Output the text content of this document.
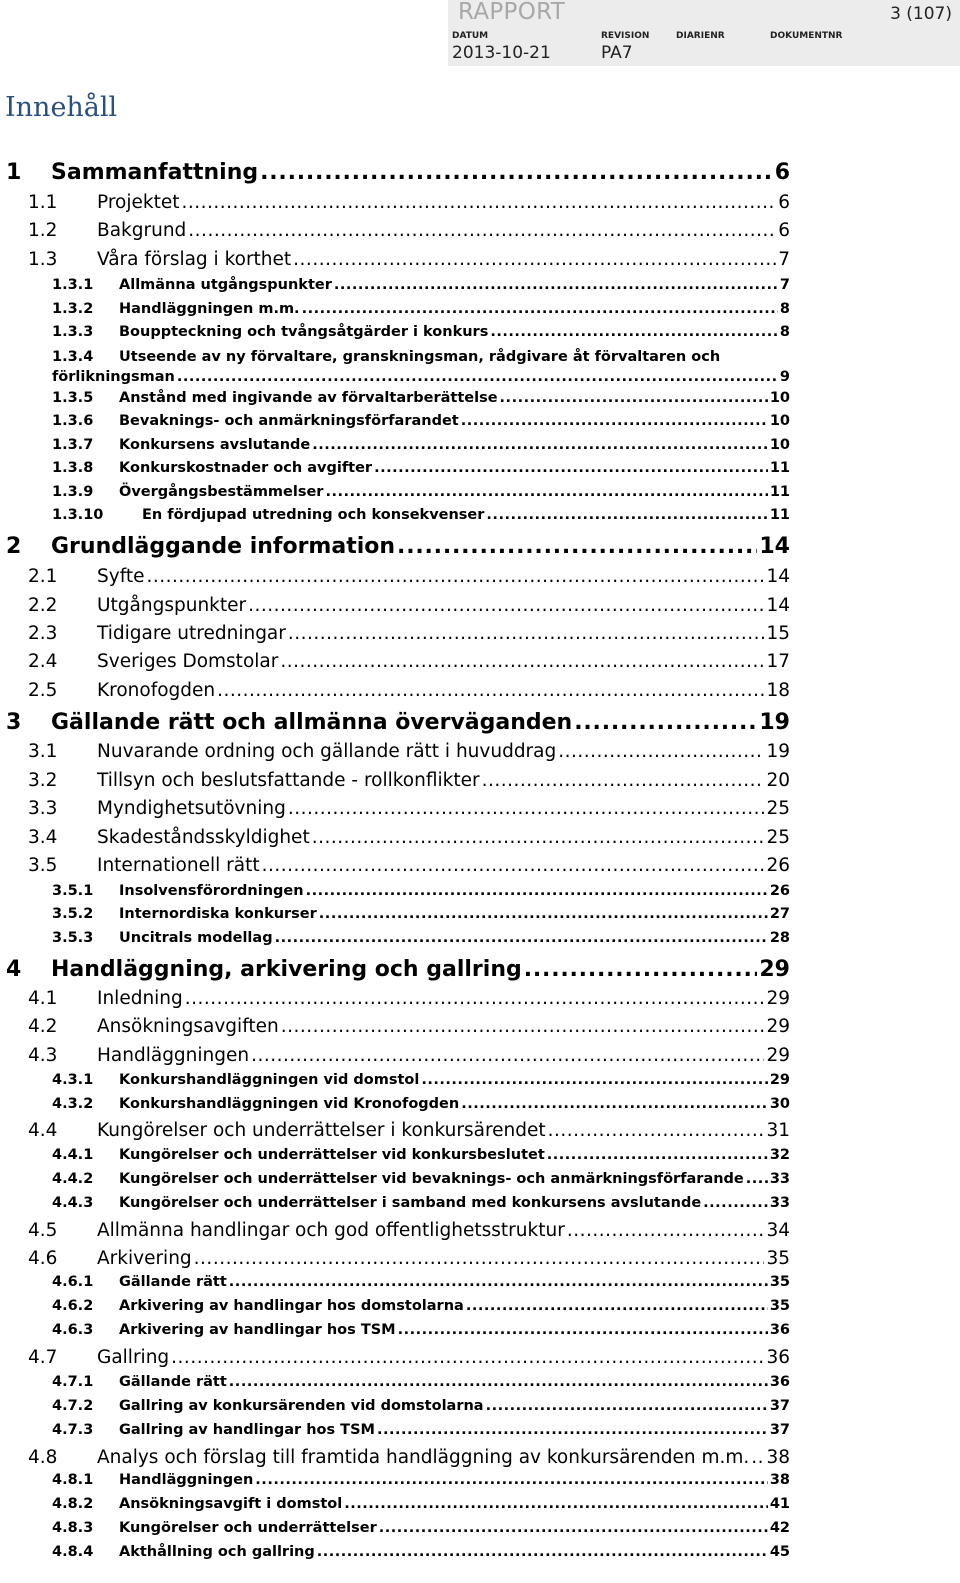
RAPPORT	3 (107)
DATUM	REVISION	DIARIENR	DOKUMENTNR
2013-10-21	PA7
Innehåll
1	Sammanfattning .....	6
1.1	Projektet .....	6
1.2	Bakgrund .....	6
1.3	Våra förslag i korthet .....	7
1.3.1	Allmänna utgångspunkter .....	7
1.3.2	Handläggningen m.m. .....	8
1.3.3	Bouppteckning och tvångsåtgärder i konkurs .....	8
1.3.4	Utseende av ny förvaltare, granskningsman, rådgivare åt förvaltaren och
förlikningsman .....	9
1.3.5	Anstånd med ingivande av förvaltarberättelse .....	10
1.3.6	Bevaknings- och anmärkningsförfarandet .....	10
1.3.7	Konkursens avslutande .....	10
1.3.8	Konkurskostnader och avgifter .....	11
1.3.9	Övergångsbestämmelser .....	11
1.3.10	En fördjupad utredning och konsekvenser .....	11
2	Grundläggande information .....	14
2.1	Syfte .....	14
2.2	Utgångspunkter .....	14
2.3	Tidigare utredningar .....	15
2.4	Sveriges Domstolar .....	17
2.5	Kronofogden .....	18
3	Gällande rätt och allmänna överväganden .....	19
3.1	Nuvarande ordning och gällande rätt i huvuddrag .....	19
3.2	Tillsyn och beslutsfattande - rollkonflikter .....	20
3.3	Myndighetsutövning .....	25
3.4	Skadeståndsskyldighet .....	25
3.5	Internationell rätt .....	26
3.5.1	Insolvensförordningen .....	26
3.5.2	Internordiska konkurser .....	27
3.5.3	Uncitrals modellag .....	28
4	Handläggning, arkivering och gallring .....	29
4.1	Inledning .....	29
4.2	Ansökningsavgiften .....	29
4.3	Handläggningen .....	29
4.3.1	Konkurshandläggningen vid domstol .....	29
4.3.2	Konkurshandläggningen vid Kronofogden .....	30
4.4	Kungörelser och underrättelser i konkursärendet .....	31
4.4.1	Kungörelser och underrättelser vid konkursbeslutet .....	32
4.4.2	Kungörelser och underrättelser vid bevaknings- och anmärkningsförfarande ..... 33
4.4.3	Kungörelser och underrättelser i samband med konkursens avslutande .....	33
4.5	Allmänna handlingar och god offentlighetsstruktur .....	34
4.6	Arkivering .....	35
4.6.1	Gällande rätt .....	35
4.6.2	Arkivering av handlingar hos domstolarna .....	35
4.6.3	Arkivering av handlingar hos TSM .....	36
4.7	Gallring .....	36
4.7.1	Gällande rätt .....	36
4.7.2	Gallring av konkursärenden vid domstolarna .....	37
4.7.3	Gallring av handlingar hos TSM .....	37
4.8	Analys och förslag till framtida handläggning av konkursärenden m.m. ..... 38
4.8.1	Handläggningen .....	38
4.8.2	Ansökningsavgift i domstol .....	41
4.8.3	Kungörelser och underrättelser .....	42
4.8.4	Akthållning och gallring .....	45
